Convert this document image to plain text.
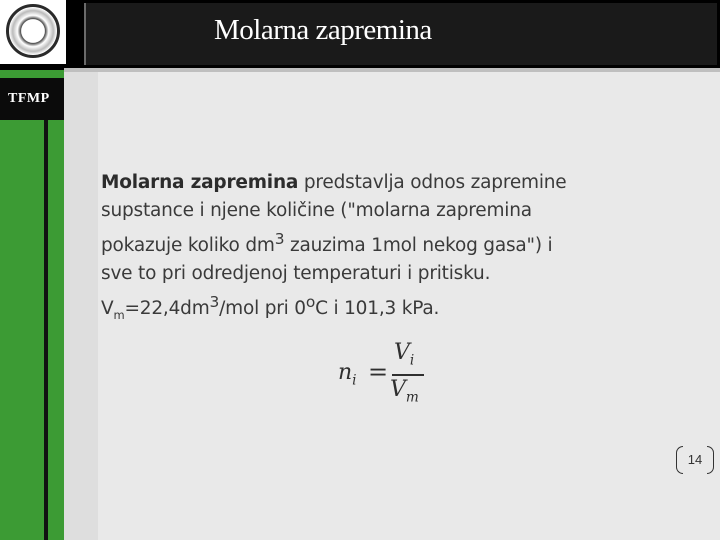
Molarna zapremina
TFMP
Molarna zapremina predstavlja odnos zapremine
supstance i njene količine ("molarna zapremina
pokazuje koliko $dm^3$ zauzima 1mol nekog gasa") i
sve to pri odredjenoj temperaturi i pritisku.
$V_m=22,4dm^3$/mol pri 0$^o$C i 101,3 kPa.
$n_i$ =
$V_i$
$V_m$
14
